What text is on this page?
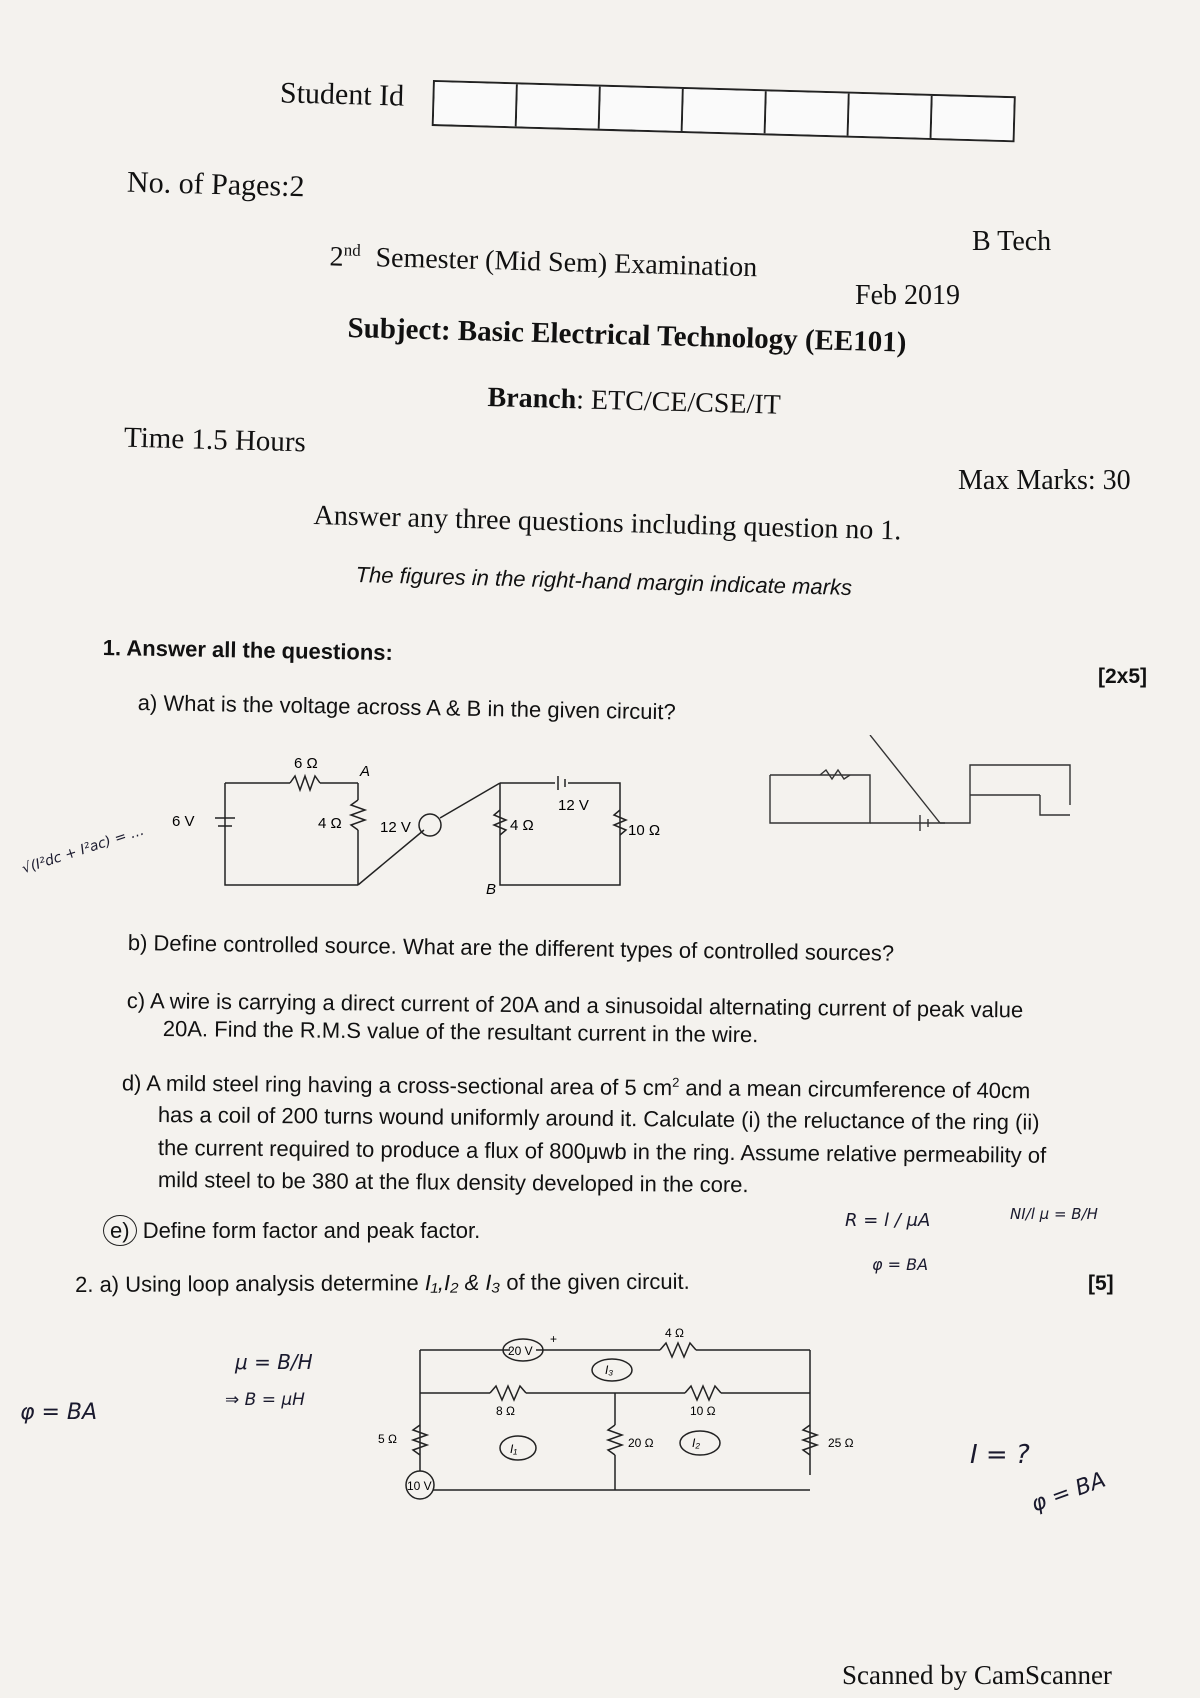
Student Id
No. of Pages:2
B Tech
2nd Semester (Mid Sem) Examination
Feb 2019
Subject: Basic Electrical Technology (EE101)
Branch: ETC/CE/CSE/IT
Time 1.5 Hours
Max Marks: 30
Answer any three questions including question no 1.
The figures in the right-hand margin indicate marks
1. Answer all the questions:
[2x5]
a) What is the voltage across A & B in the given circuit?
6 Ω	A
6 V	4 Ω	12 V	4 Ω
12 V
10 Ω
B
√(I²dc + I²ac) = …
b) Define controlled source. What are the different types of controlled sources?
c) A wire is carrying a direct current of 20A and a sinusoidal alternating current of peak value
20A. Find the R.M.S value of the resultant current in the wire.
d) A mild steel ring having a cross-sectional area of 5 $cm^2$ and a mean circumference of 40cm
has a coil of 200 turns wound uniformly around it. Calculate (i) the reluctance of the ring (ii)
the current required to produce a flux of 800μwb in the ring. Assume relative permeability of
mild steel to be 380 at the flux density developed in the core.
e) Define form factor and peak factor.	R = l / μA
φ = BA
NI/l μ = B/H
2. a) Using loop analysis determine I₁,I₂ & I₃ of the given circuit.	[5]
20 V
+	4 Ω
8 Ω	10 Ω
5 Ω	20 Ω	25 Ω
10 V
I₁	I₂
I₃
μ = B/H
⇒ B = μH
φ = BA
I = ?
φ = BA
Scanned by CamScanner
